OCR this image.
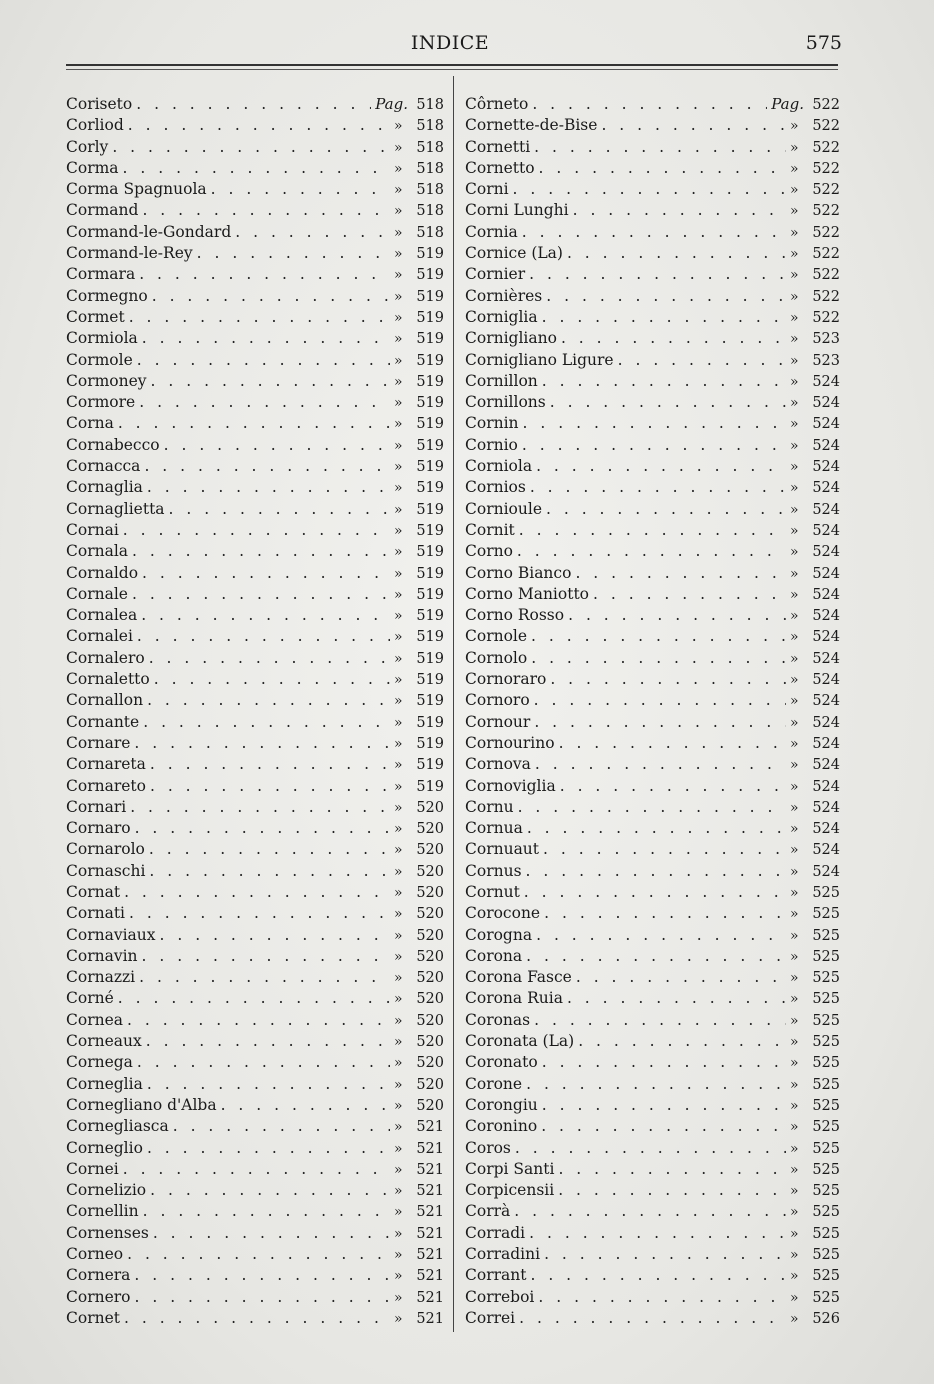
INDICE	575
Coriseto . . .	Pag. 518
Corliod . . .	» 518
Corly . . .	» 518
Corma . . .	» 518
Corma Spagnuola . . .	» 518
Cormand . . .	» 518
Cormand-le-Gondard . . .	» 518
Cormand-le-Rey . . .	» 519
Cormara . . .	» 519
Cormegno . . .	» 519
Cormet . . .	» 519
Cormiola . . .	» 519
Cormole . . .	» 519
Cormoney . . .	» 519
Cormore . . .	» 519
Corna . . .	» 519
Cornabecco . . .	» 519
Cornacca . . .	» 519
Cornaglia . . .	» 519
Cornaglietta . . .	» 519
Cornai . . .	» 519
Cornala . . .	» 519
Cornaldo . . .	» 519
Cornale . . .	» 519
Cornalea . . .	» 519
Cornalei . . .	» 519
Cornalero . . .	» 519
Cornaletto . . .	» 519
Cornallon . . .	» 519
Cornante . . .	» 519
Cornare . . .	» 519
Cornareta . . .	» 519
Cornareto . . .	» 519
Cornari . . .	» 520
Cornaro . . .	» 520
Cornarolo . . .	» 520
Cornaschi . . .	» 520
Cornat . . .	» 520
Cornati . . .	» 520
Cornaviaux . . .	» 520
Cornavin . . .	» 520
Cornazzi . . .	» 520
Corné . . .	» 520
Cornea . . .	» 520
Corneaux . . .	» 520
Cornega . . .	» 520
Corneglia . . .	» 520
Cornegliano d'Alba . . .	» 520
Cornegliasca . . .	» 521
Corneglio . . .	» 521
Cornei . . .	» 521
Cornelizio . . .	» 521
Cornellin . . .	» 521
Cornenses . . .	» 521
Corneo . . .	» 521
Cornera . . .	» 521
Cornero . . .	» 521
Cornet . . .	» 521
Côrneto . . .	Pag. 522
Cornette-de-Bise . . .	» 522
Cornetti . . .	» 522
Cornetto . . .	» 522
Corni . . .	» 522
Corni Lunghi . . .	» 522
Cornia . . .	» 522
Cornice (La) . . .	» 522
Cornier . . .	» 522
Cornières . . .	» 522
Corniglia . . .	» 522
Cornigliano . . .	» 523
Cornigliano Ligure . . .	» 523
Cornillon . . .	» 524
Cornillons . . .	» 524
Cornin . . .	» 524
Cornio . . .	» 524
Corniola . . .	» 524
Cornios . . .	» 524
Cornioule . . .	» 524
Cornit . . .	» 524
Corno . . .	» 524
Corno Bianco . . .	» 524
Corno Maniotto . . .	» 524
Corno Rosso . . .	» 524
Cornole . . .	» 524
Cornolo . . .	» 524
Cornoraro . . .	» 524
Cornoro . . .	» 524
Cornour . . .	» 524
Cornourino . . .	» 524
Cornova . . .	» 524
Cornoviglia . . .	» 524
Cornu . . .	» 524
Cornua . . .	» 524
Cornuaut . . .	» 524
Cornus . . .	» 524
Cornut . . .	» 525
Corocone . . .	» 525
Corogna . . .	» 525
Corona . . .	» 525
Corona Fasce . . .	» 525
Corona Ruia . . .	» 525
Coronas . . .	» 525
Coronata (La) . . .	» 525
Coronato . . .	» 525
Corone . . .	» 525
Corongiu . . .	» 525
Coronino . . .	» 525
Coros . . .	» 525
Corpi Santi . . .	» 525
Corpicensii . . .	» 525
Corrà . . .	» 525
Corradi . . .	» 525
Corradini . . .	» 525
Corrant . . .	» 525
Correboi . . .	» 525
Correi . . .	» 526
